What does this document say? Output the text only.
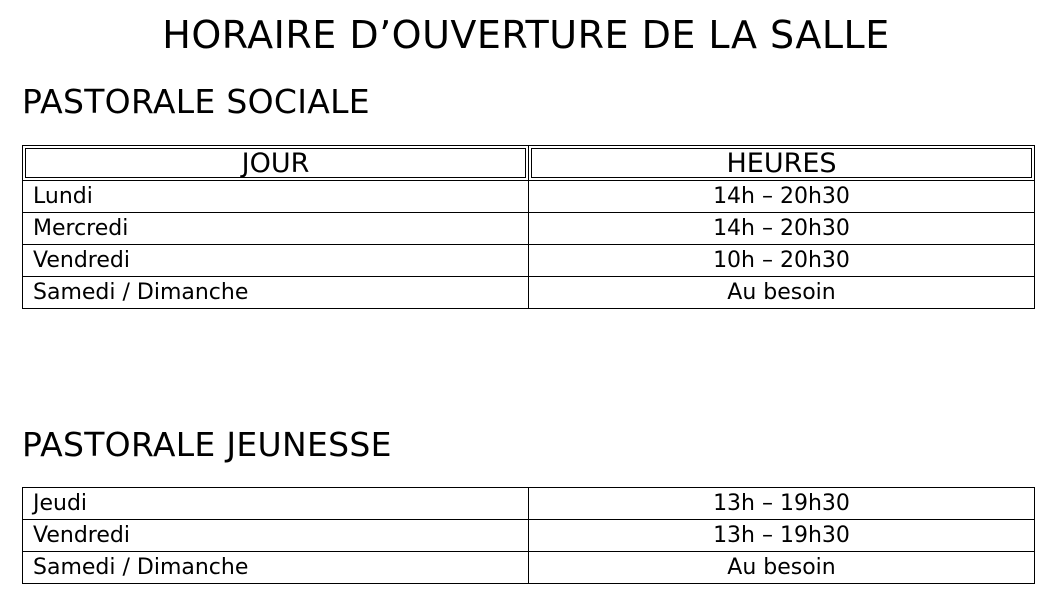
HORAIRE D’OUVERTURE DE LA SALLE
PASTORALE SOCIALE
JOUR	HEURES
Lundi	14h – 20h30
Mercredi	14h – 20h30
Vendredi	10h – 20h30
Samedi / Dimanche	Au besoin
PASTORALE JEUNESSE
Jeudi	13h – 19h30
Vendredi	13h – 19h30
Samedi / Dimanche	Au besoin
